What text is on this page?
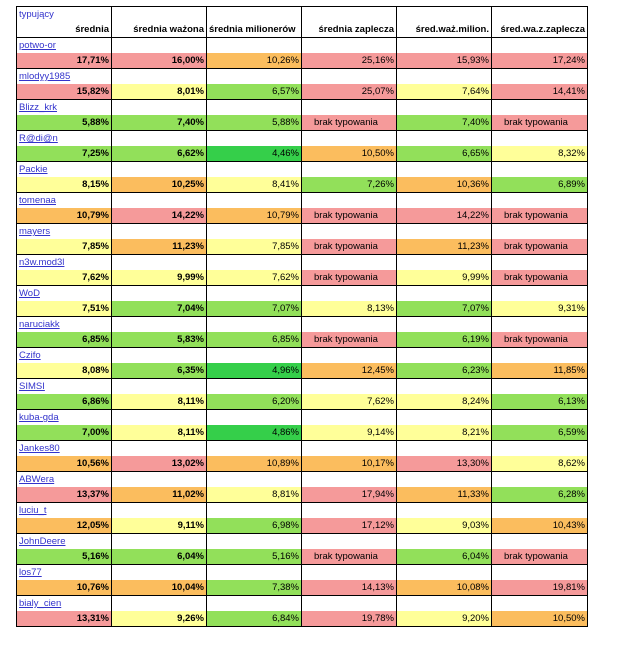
typujący					
średnia	średnia ważona	średnia milionerów	średnia zaplecza	śred.waż.milion.	śred.wa.z.zaplecza
potwo-or					
17,71%	16,00%	10,26%	25,16%	15,93%	17,24%
mlodyy1985					
15,82%	8,01%	6,57%	25,07%	7,64%	14,41%
Blizz_krk					
5,88%	7,40%	5,88%	brak typowania	7,40%	brak typowania
R@di@n					
7,25%	6,62%	4,46%	10,50%	6,65%	8,32%
Packie					
8,15%	10,25%	8,41%	7,26%	10,36%	6,89%
tomenaa					
10,79%	14,22%	10,79%	brak typowania	14,22%	brak typowania
mayers					
7,85%	11,23%	7,85%	brak typowania	11,23%	brak typowania
n3w.mod3l					
7,62%	9,99%	7,62%	brak typowania	9,99%	brak typowania
WoD					
7,51%	7,04%	7,07%	8,13%	7,07%	9,31%
naruciakk					
6,85%	5,83%	6,85%	brak typowania	6,19%	brak typowania
Czifo					
8,08%	6,35%	4,96%	12,45%	6,23%	11,85%
SIMSI					
6,86%	8,11%	6,20%	7,62%	8,24%	6,13%
kuba-gda					
7,00%	8,11%	4,86%	9,14%	8,21%	6,59%
Jankes80					
10,56%	13,02%	10,89%	10,17%	13,30%	8,62%
ABWera					
13,37%	11,02%	8,81%	17,94%	11,33%	6,28%
luciu_t					
12,05%	9,11%	6,98%	17,12%	9,03%	10,43%
JohnDeere					
5,16%	6,04%	5,16%	brak typowania	6,04%	brak typowania
los77					
10,76%	10,04%	7,38%	14,13%	10,08%	19,81%
bialy_cien					
13,31%	9,26%	6,84%	19,78%	9,20%	10,50%
